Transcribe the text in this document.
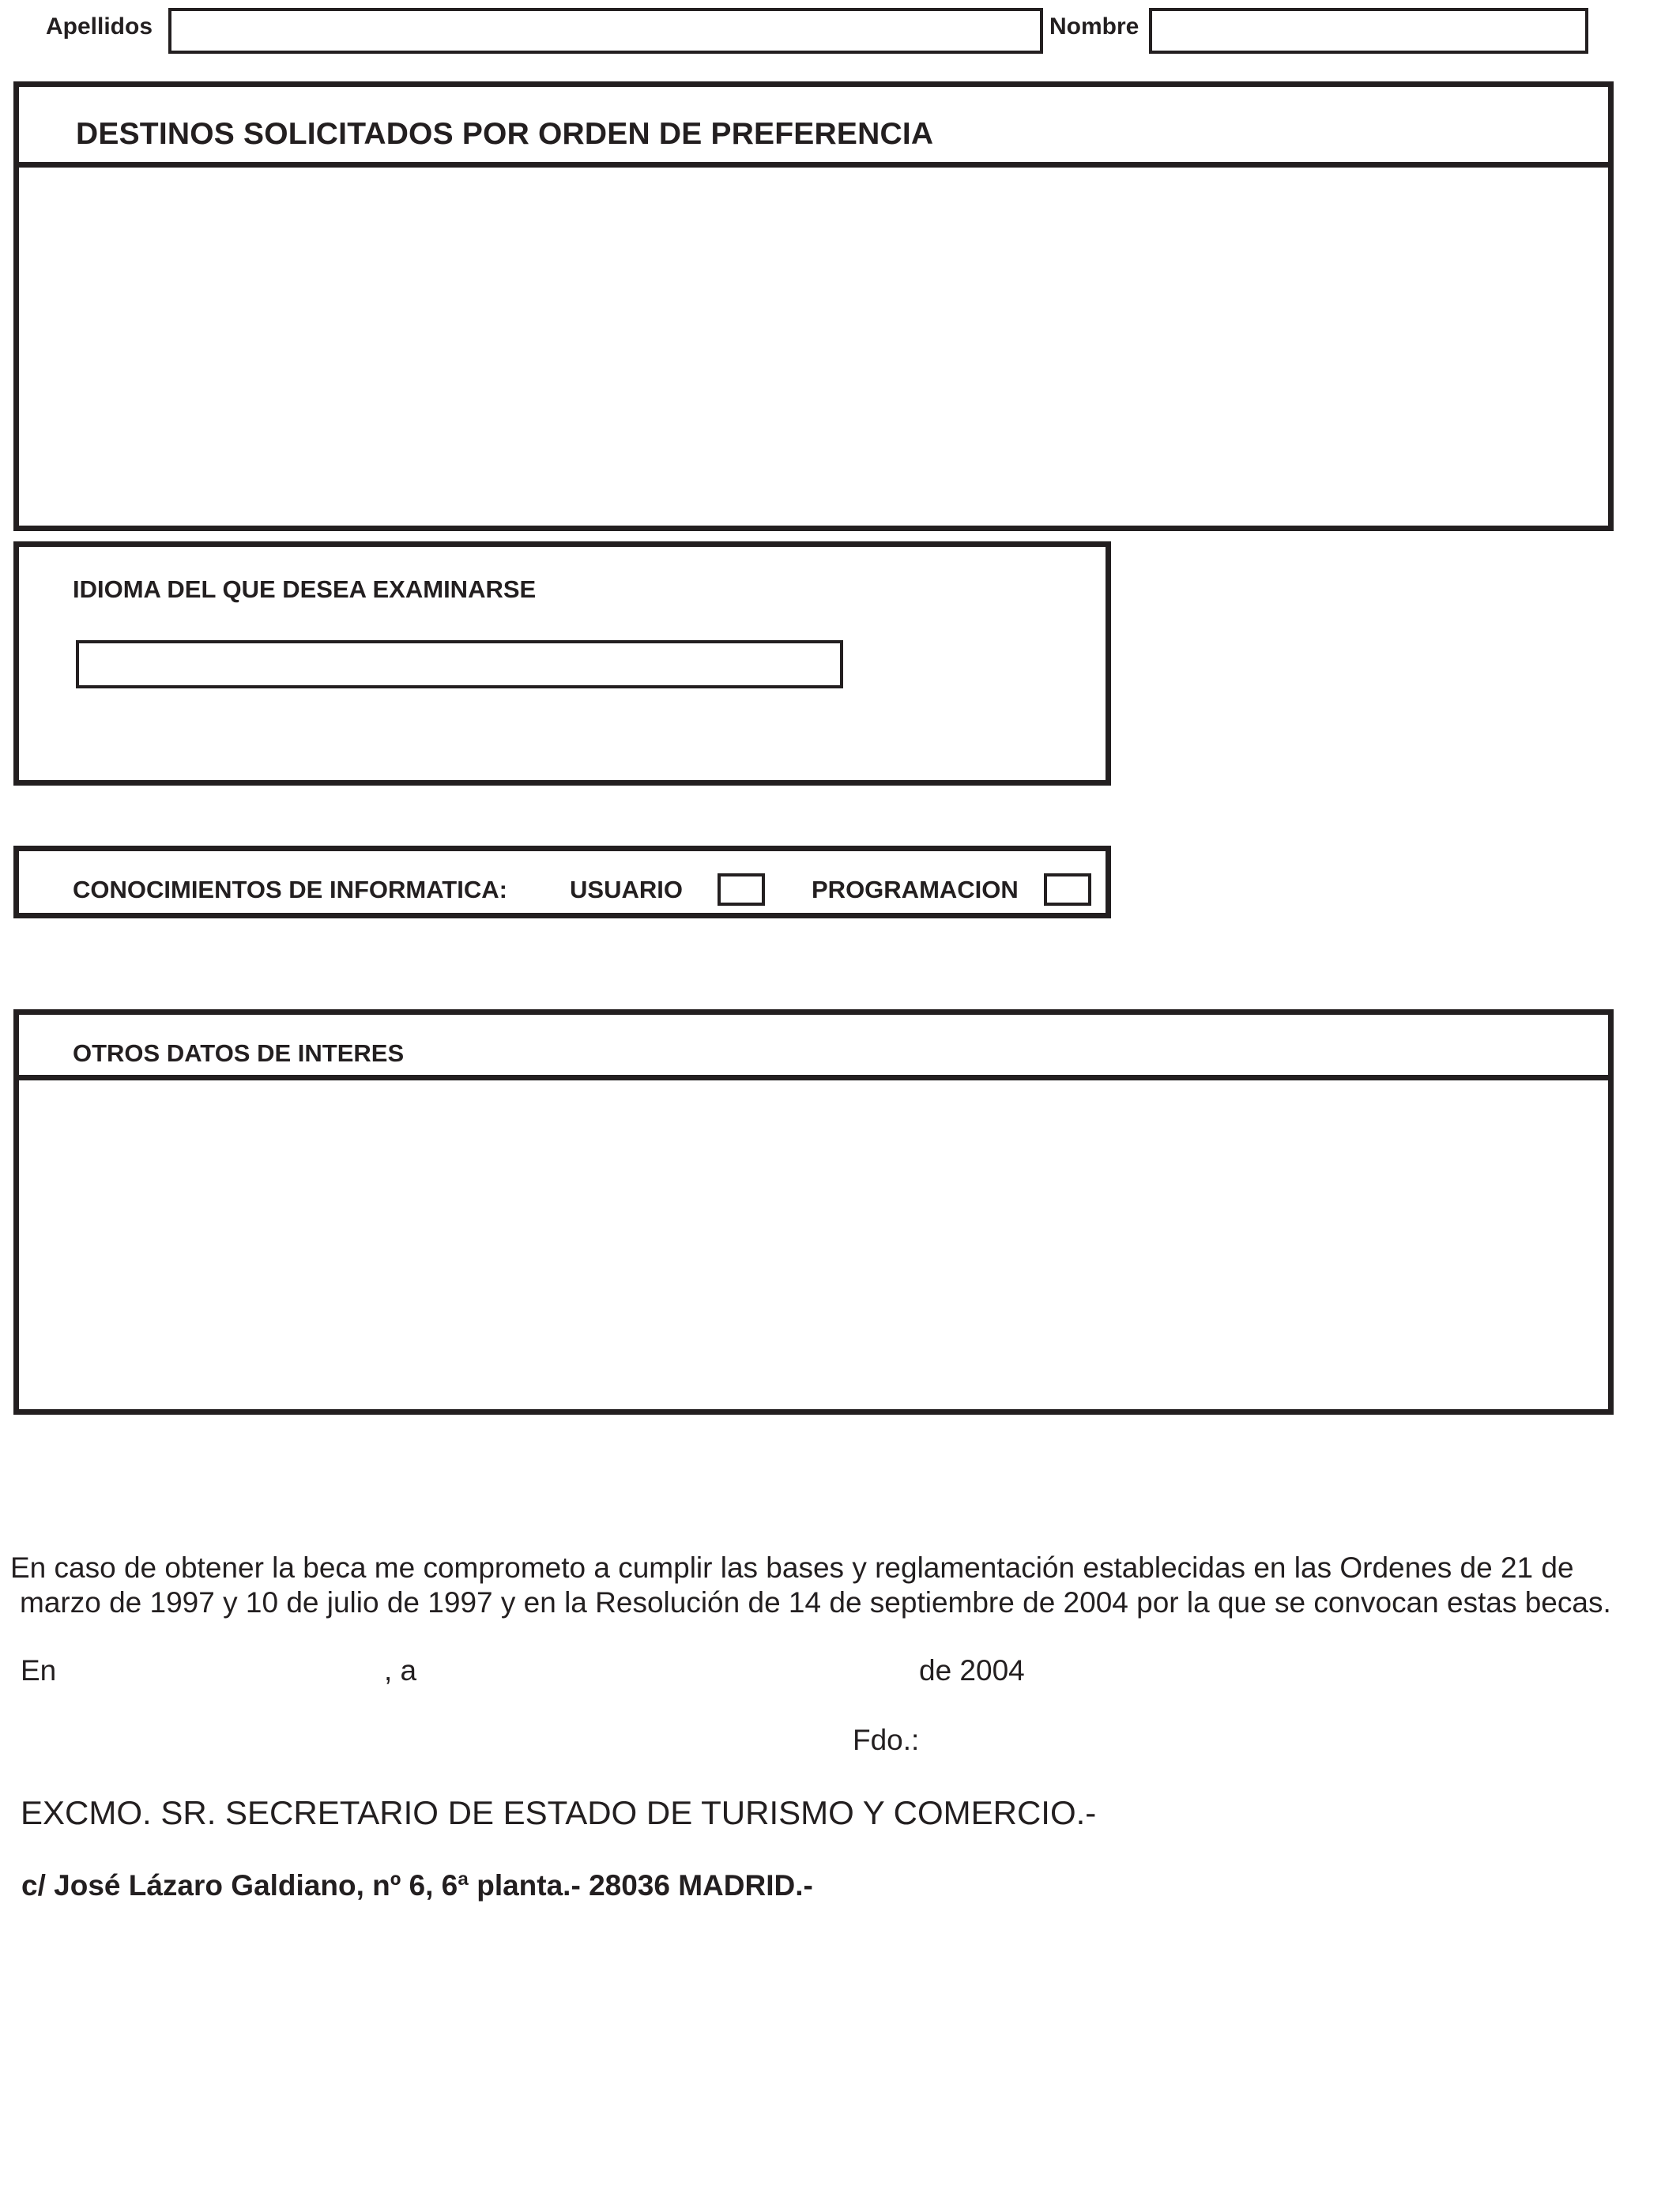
Apellidos	Nombre
DESTINOS SOLICITADOS POR ORDEN DE PREFERENCIA
IDIOMA DEL QUE DESEA EXAMINARSE
CONOCIMIENTOS DE INFORMATICA:	USUARIO	PROGRAMACION
OTROS DATOS DE INTERES
En caso de obtener la beca me comprometo a cumplir las bases y reglamentación establecidas en las Ordenes de 21 de
marzo de 1997 y 10 de julio de 1997 y en la Resolución de 14 de septiembre de 2004 por la que se convocan estas becas.
En	, a	de 2004
Fdo.:
EXCMO. SR. SECRETARIO DE ESTADO DE TURISMO Y COMERCIO.-
c/ José Lázaro Galdiano, nº 6, 6ª planta.- 28036 MADRID.-
